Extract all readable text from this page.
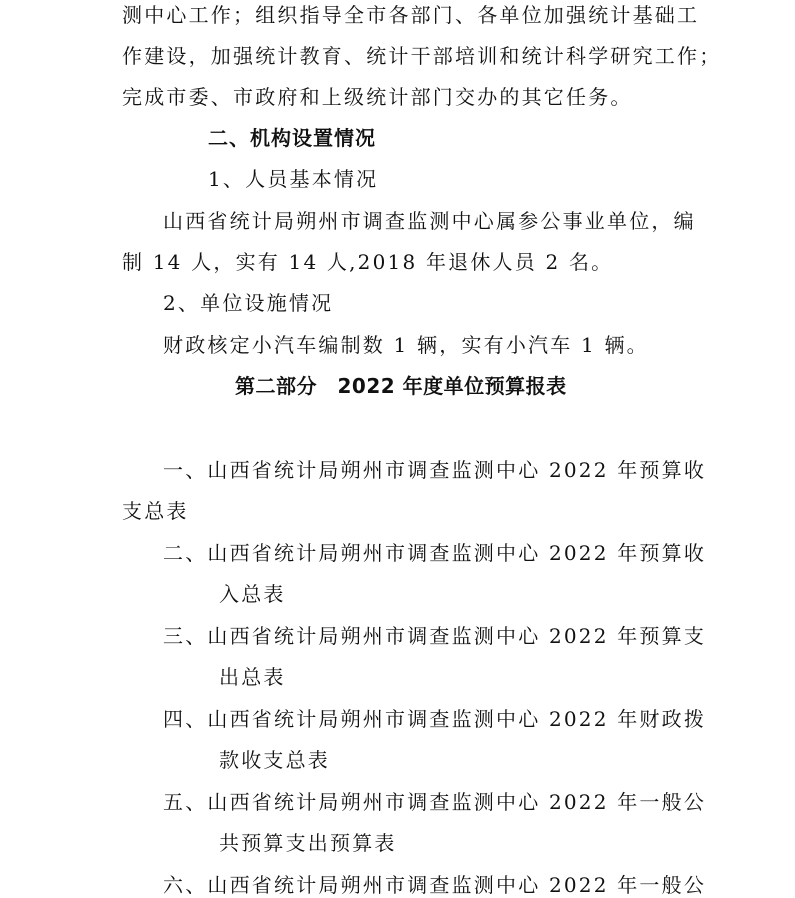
测中心工作；组织指导全市各部门、各单位加强统计基础工
作建设，加强统计教育、统计干部培训和统计科学研究工作；
完成市委、市政府和上级统计部门交办的其它任务。
二、机构设置情况
1、人员基本情况
山西省统计局朔州市调查监测中心属参公事业单位，编
制 14 人，实有 14 人,2018 年退休人员 2 名。
2、单位设施情况
财政核定小汽车编制数 1 辆，实有小汽车 1 辆。
第二部分　2022 年度单位预算报表
一、山西省统计局朔州市调查监测中心 2022 年预算收
支总表
二、山西省统计局朔州市调查监测中心 2022 年预算收
入总表
三、山西省统计局朔州市调查监测中心 2022 年预算支
出总表
四、山西省统计局朔州市调查监测中心 2022 年财政拨
款收支总表
五、山西省统计局朔州市调查监测中心 2022 年一般公
共预算支出预算表
六、山西省统计局朔州市调查监测中心 2022 年一般公
